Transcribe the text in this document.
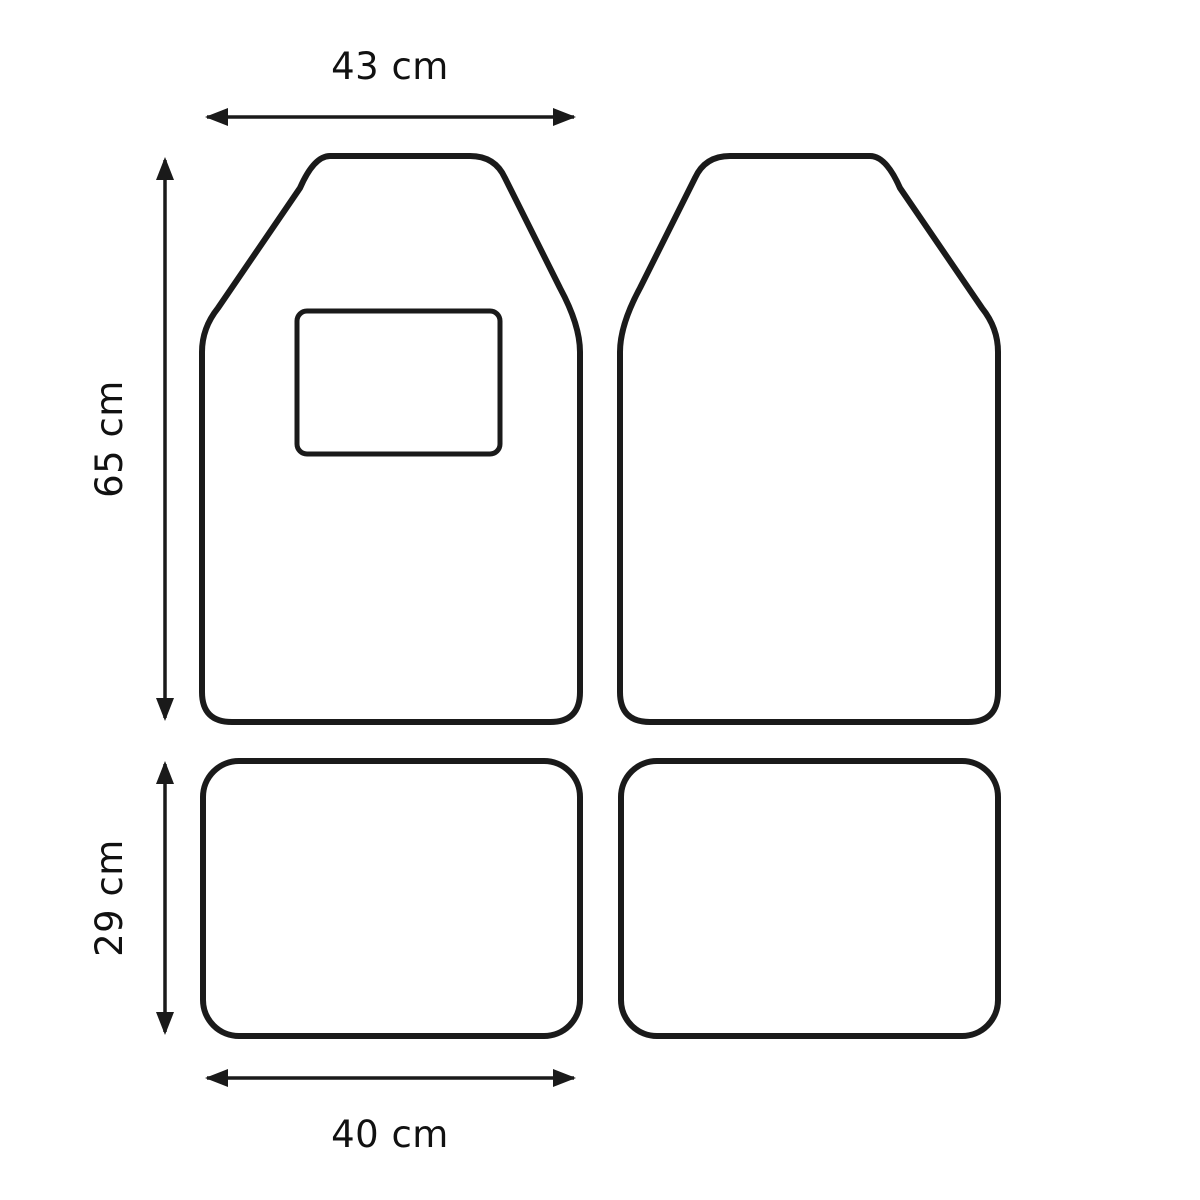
43 cm
65 cm
29 cm
40 cm
